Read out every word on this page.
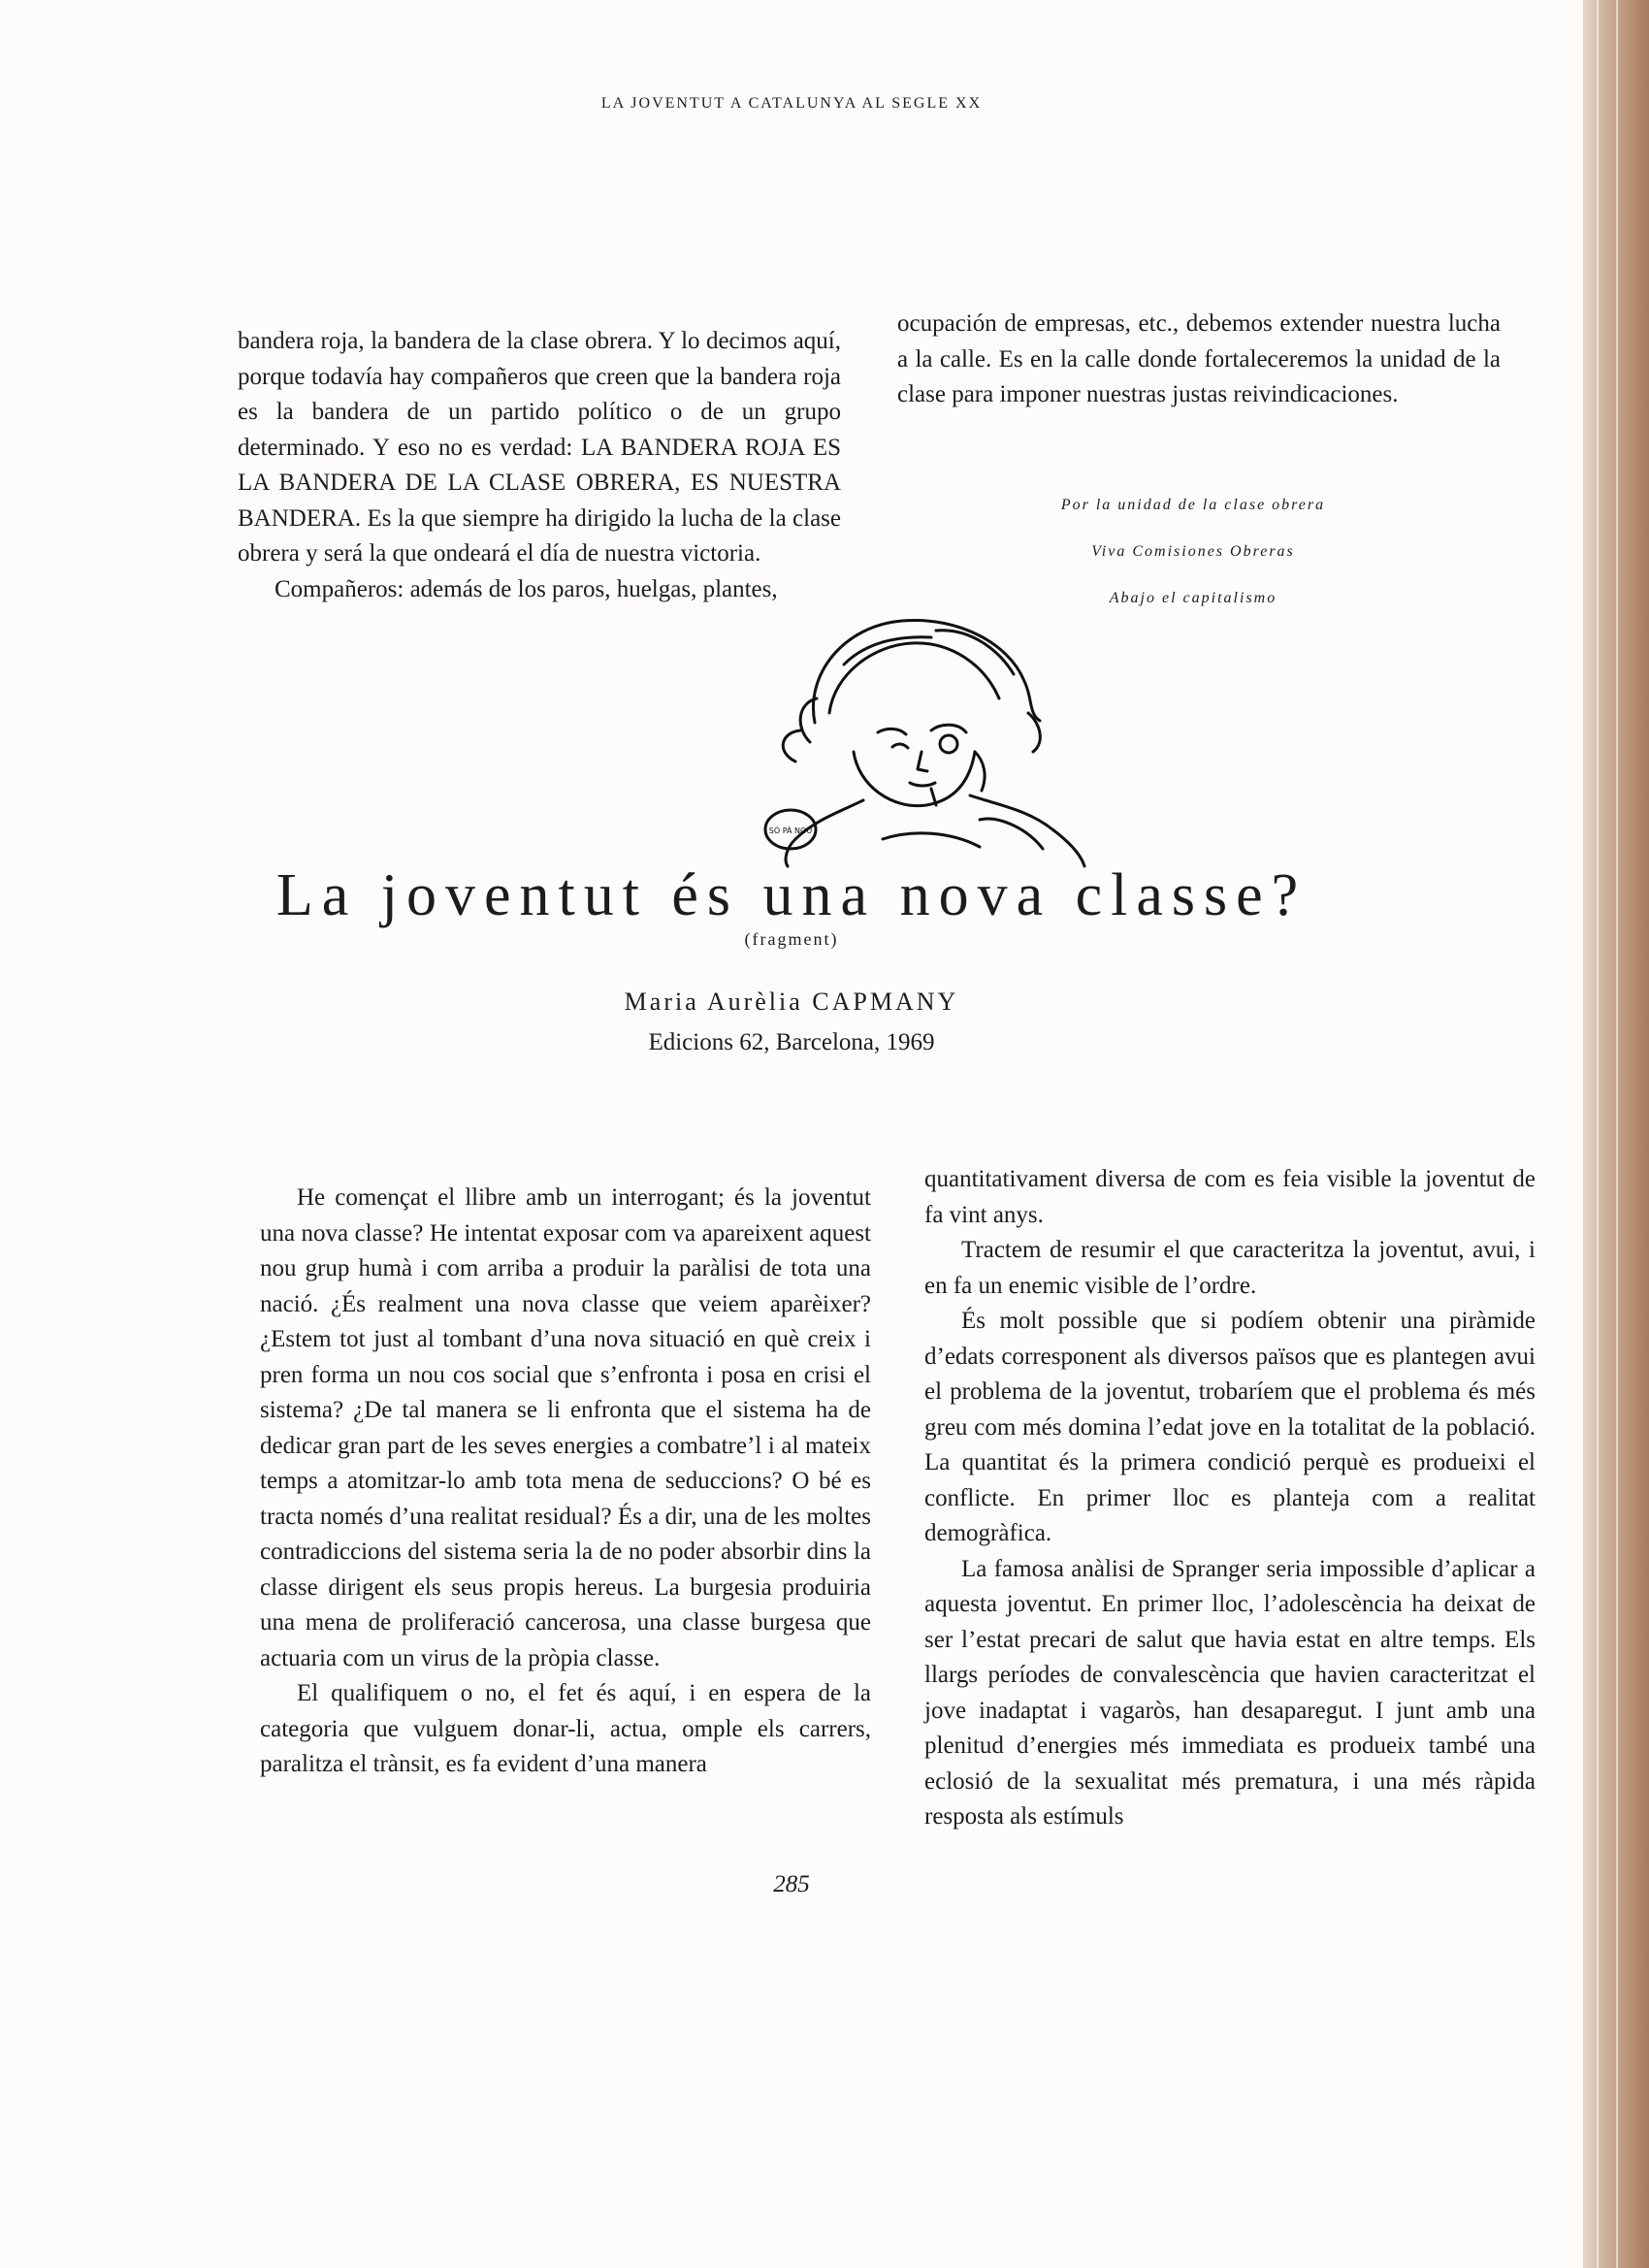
LA JOVENTUT A CATALUNYA AL SEGLE XX

bandera roja, la bandera de la clase obrera. Y lo decimos aquí, porque todavía hay compañeros que creen que la bandera roja es la bandera de un partido político o de un grupo determinado. Y eso no es verdad: LA BANDERA ROJA ES LA BANDERA DE LA CLASE OBRERA, ES NUESTRA BANDERA. Es la que siempre ha dirigido la lucha de la clase obrera y será la que ondeará el día de nuestra victoria.

Compañeros: además de los paros, huelgas, plantes,

ocupación de empresas, etc., debemos extender nuestra lucha a la calle. Es en la calle donde fortaleceremos la unidad de la clase para imponer nuestras justas reivindicaciones.

Por la unidad de la clase obrera
Viva Comisiones Obreras
Abajo el capitalismo
SÓ PÀ NOU
La joventut és una nova classe?
(fragment)
Maria Aurèlia CAPMANY
Edicions 62, Barcelona, 1969

He començat el llibre amb un interrogant; és la joventut una nova classe? He intentat exposar com va apareixent aquest nou grup humà i com arriba a produir la paràlisi de tota una nació. ¿És realment una nova classe que veiem aparèixer? ¿Estem tot just al tombant d’una nova situació en què creix i pren forma un nou cos social que s’enfronta i posa en crisi el sistema? ¿De tal manera se li enfronta que el sistema ha de dedicar gran part de les seves energies a combatre’l i al mateix temps a atomitzar-lo amb tota mena de seduccions? O bé es tracta només d’una realitat residual? És a dir, una de les moltes contradiccions del sistema seria la de no poder absorbir dins la classe dirigent els seus propis hereus. La burgesia produiria una mena de proliferació cancerosa, una classe burgesa que actuaria com un virus de la pròpia classe.

El qualifiquem o no, el fet és aquí, i en espera de la categoria que vulguem donar-li, actua, omple els carrers, paralitza el trànsit, es fa evident d’una manera

quantitativament diversa de com es feia visible la joventut de fa vint anys.

Tractem de resumir el que caracteritza la joventut, avui, i en fa un enemic visible de l’ordre.

És molt possible que si podíem obtenir una piràmide d’edats corresponent als diversos països que es plantegen avui el problema de la joventut, trobaríem que el problema és més greu com més domina l’edat jove en la totalitat de la població. La quantitat és la primera condició perquè es produeixi el conflicte. En primer lloc es planteja com a realitat demogràfica.

La famosa anàlisi de Spranger seria impossible d’aplicar a aquesta joventut. En primer lloc, l’adolescència ha deixat de ser l’estat precari de salut que havia estat en altre temps. Els llargs períodes de convalescència que havien caracteritzat el jove inadaptat i vagaròs, han desaparegut. I junt amb una plenitud d’energies més immediata es produeix també una eclosió de la sexualitat més prematura, i una més ràpida resposta als estímuls

285
